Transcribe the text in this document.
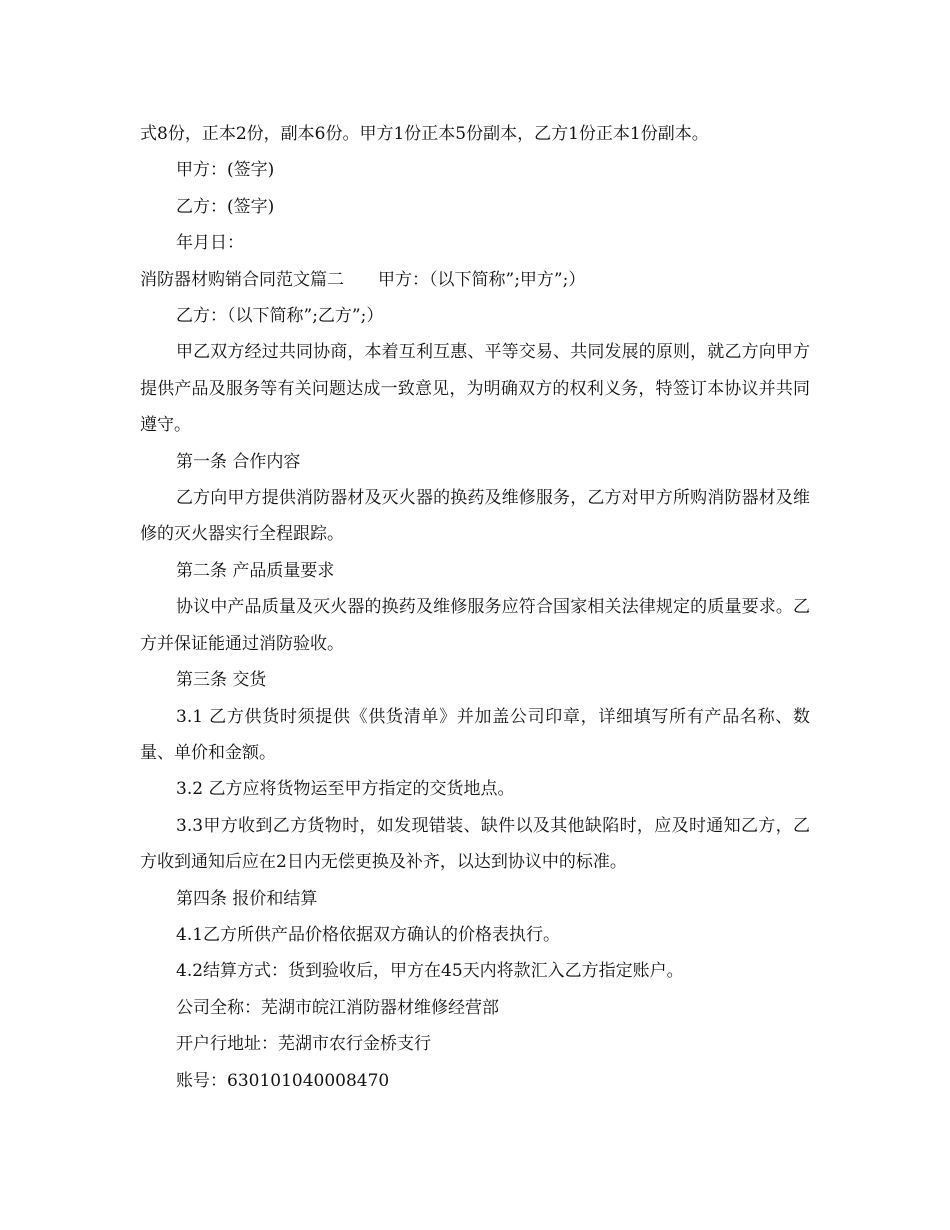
式8份，正本2份，副本6份。甲方1份正本5份副本，乙方1份正本1份副本。

甲方：(签字)

乙方：(签字)

年月日：

消防器材购销合同范文篇二 甲方：（以下简称”;甲方”;）

乙方：（以下简称”;乙方”;）

甲乙双方经过共同协商，本着互利互惠、平等交易、共同发展的原则，就乙方向甲方提供产品及服务等有关问题达成一致意见，为明确双方的权利义务，特签订本协议并共同遵守。

第一条 合作内容

乙方向甲方提供消防器材及灭火器的换药及维修服务，乙方对甲方所购消防器材及维修的灭火器实行全程跟踪。

第二条 产品质量要求

协议中产品质量及灭火器的换药及维修服务应符合国家相关法律规定的质量要求。乙方并保证能通过消防验收。

第三条 交货

3.1 乙方供货时须提供《供货清单》并加盖公司印章，详细填写所有产品名称、数量、单价和金额。

3.2 乙方应将货物运至甲方指定的交货地点。

3.3甲方收到乙方货物时，如发现错装、缺件以及其他缺陷时，应及时通知乙方，乙方收到通知后应在2日内无偿更换及补齐，以达到协议中的标准。

第四条 报价和结算

4.1乙方所供产品价格依据双方确认的价格表执行。

4.2结算方式：货到验收后，甲方在45天内将款汇入乙方指定账户。

公司全称：芜湖市皖江消防器材维修经营部

开户行地址：芜湖市农行金桥支行

账号：630101040008470
